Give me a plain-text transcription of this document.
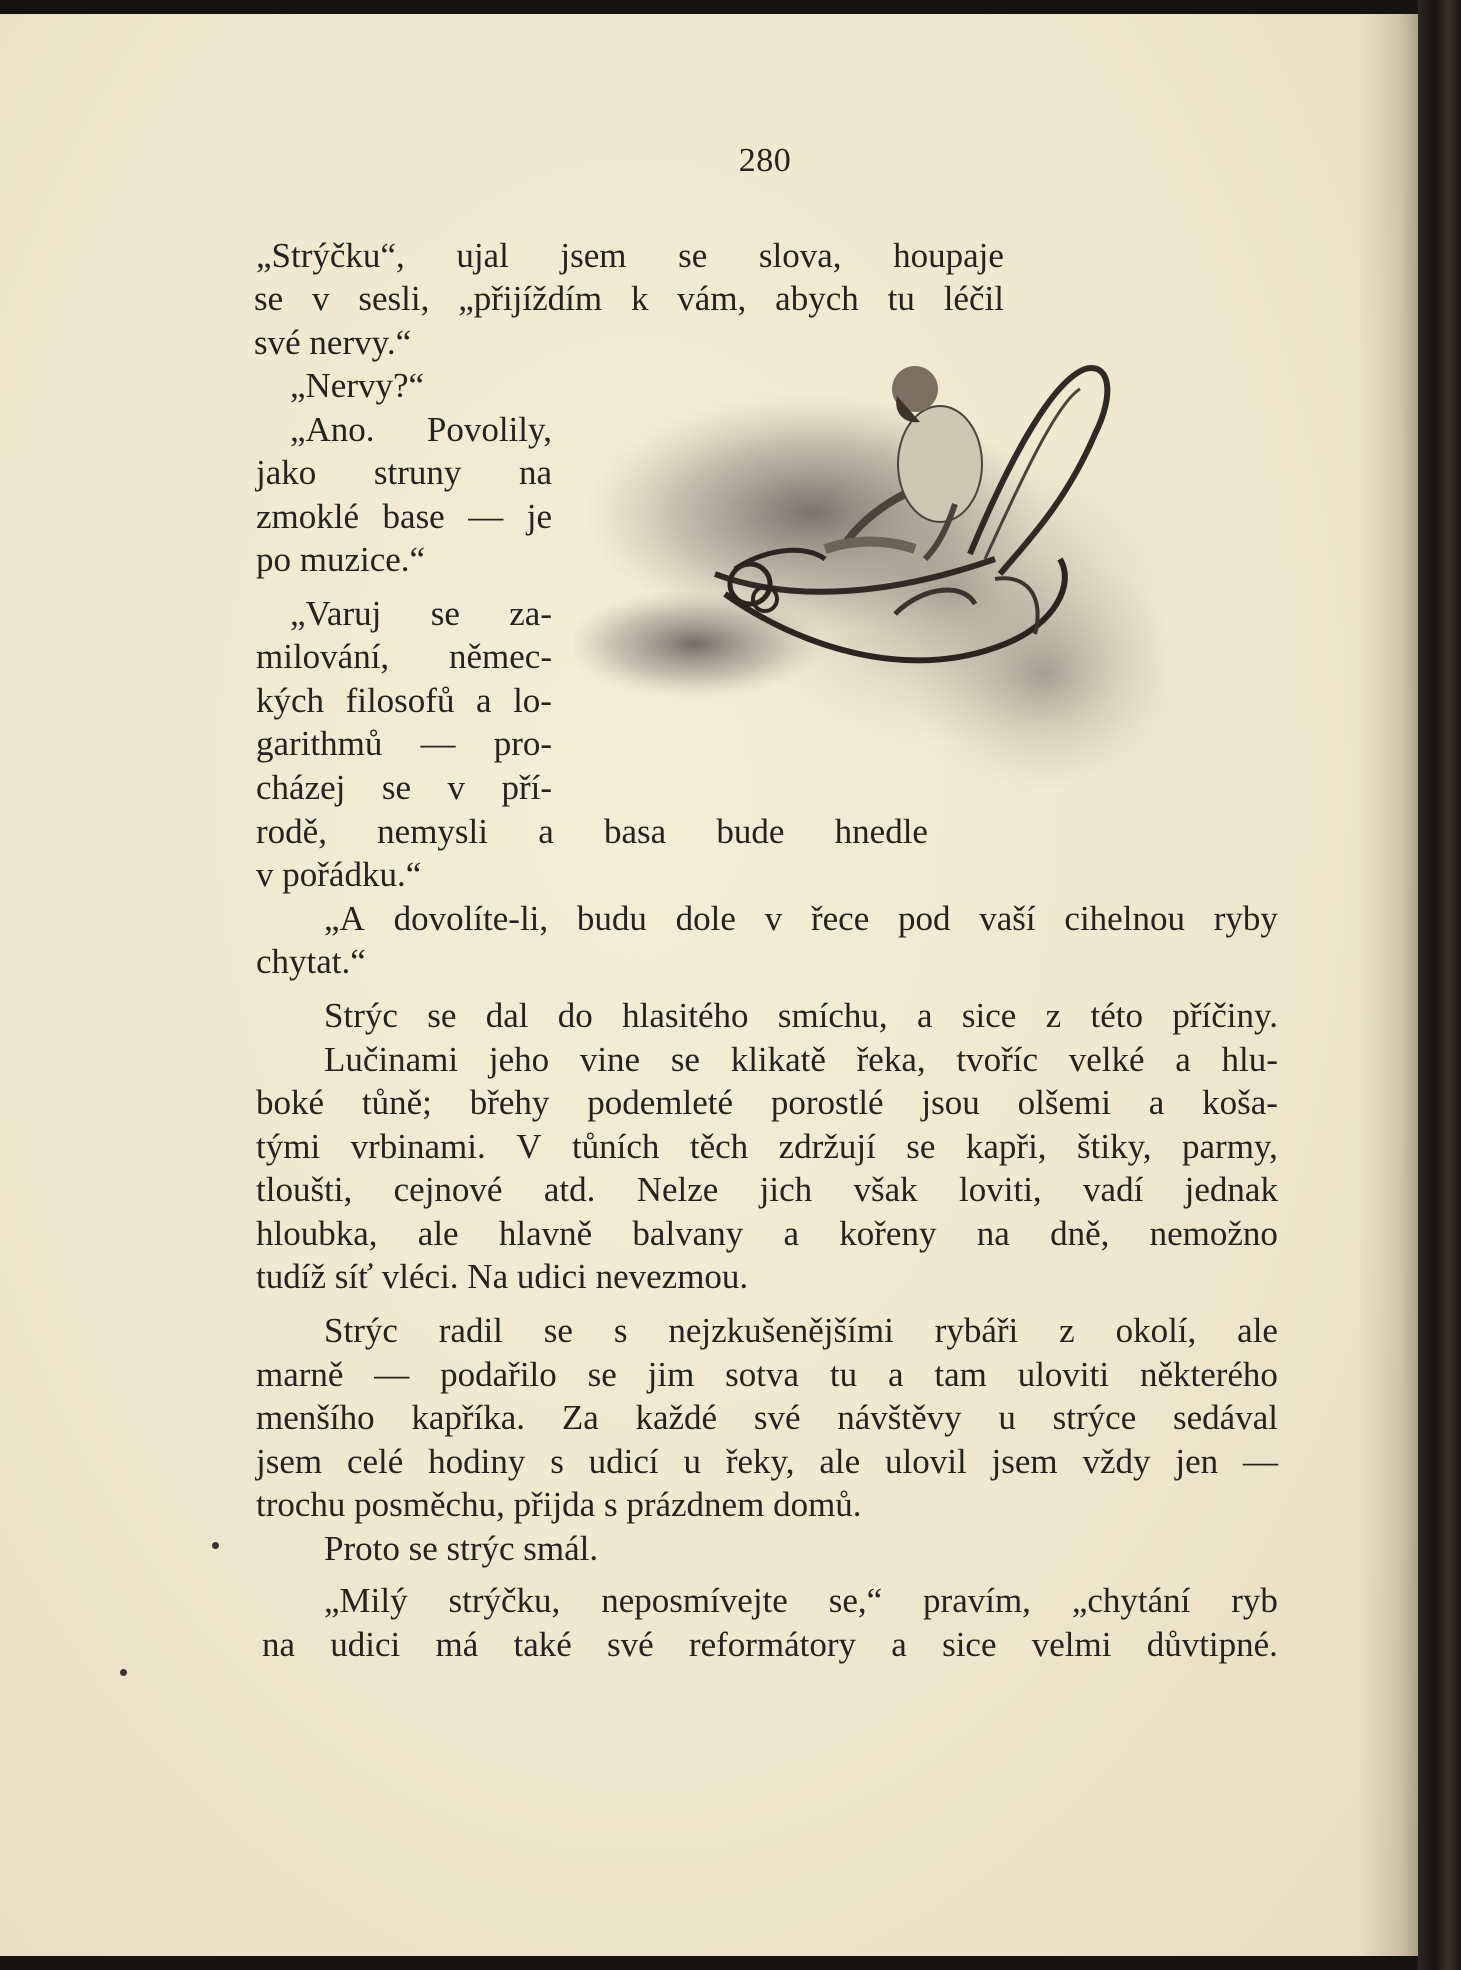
280
„Strýčku“, ujal jsem se slova, houpaje
se v sesli, „přijíždím k vám, abych tu léčil
své nervy.“
„Nervy?“
„Ano. Povolily,
jako struny na
zmoklé base — je
po muzice.“
„Varuj se za-
milování, němec-
kých filosofů a lo-
garithmů — pro-
cházej se v pří-
rodě, nemysli a basa bude hnedle
v pořádku.“
„A dovolíte-li, budu dole v řece pod vaší cihelnou ryby
chytat.“
Strýc se dal do hlasitého smíchu, a sice z této příčiny.
Lučinami jeho vine se klikatě řeka, tvoříc velké a hlu-
boké tůně; břehy podemleté porostlé jsou olšemi a koša-
tými vrbinami. V tůních těch zdržují se kapři, štiky, parmy,
tloušti, cejnové atd. Nelze jich však loviti, vadí jednak
hloubka, ale hlavně balvany a kořeny na dně, nemožno
tudíž síť vléci. Na udici nevezmou.
Strýc radil se s nejzkušenějšími rybáři z okolí, ale
marně — podařilo se jim sotva tu a tam uloviti některého
menšího kapříka. Za každé své návštěvy u strýce sedával
jsem celé hodiny s udicí u řeky, ale ulovil jsem vždy jen —
trochu posměchu, přijda s prázdnem domů.
Proto se strýc smál.
„Milý strýčku, neposmívejte se,“ pravím, „chytání ryb
na udici má také své reformátory a sice velmi důvtipné.
